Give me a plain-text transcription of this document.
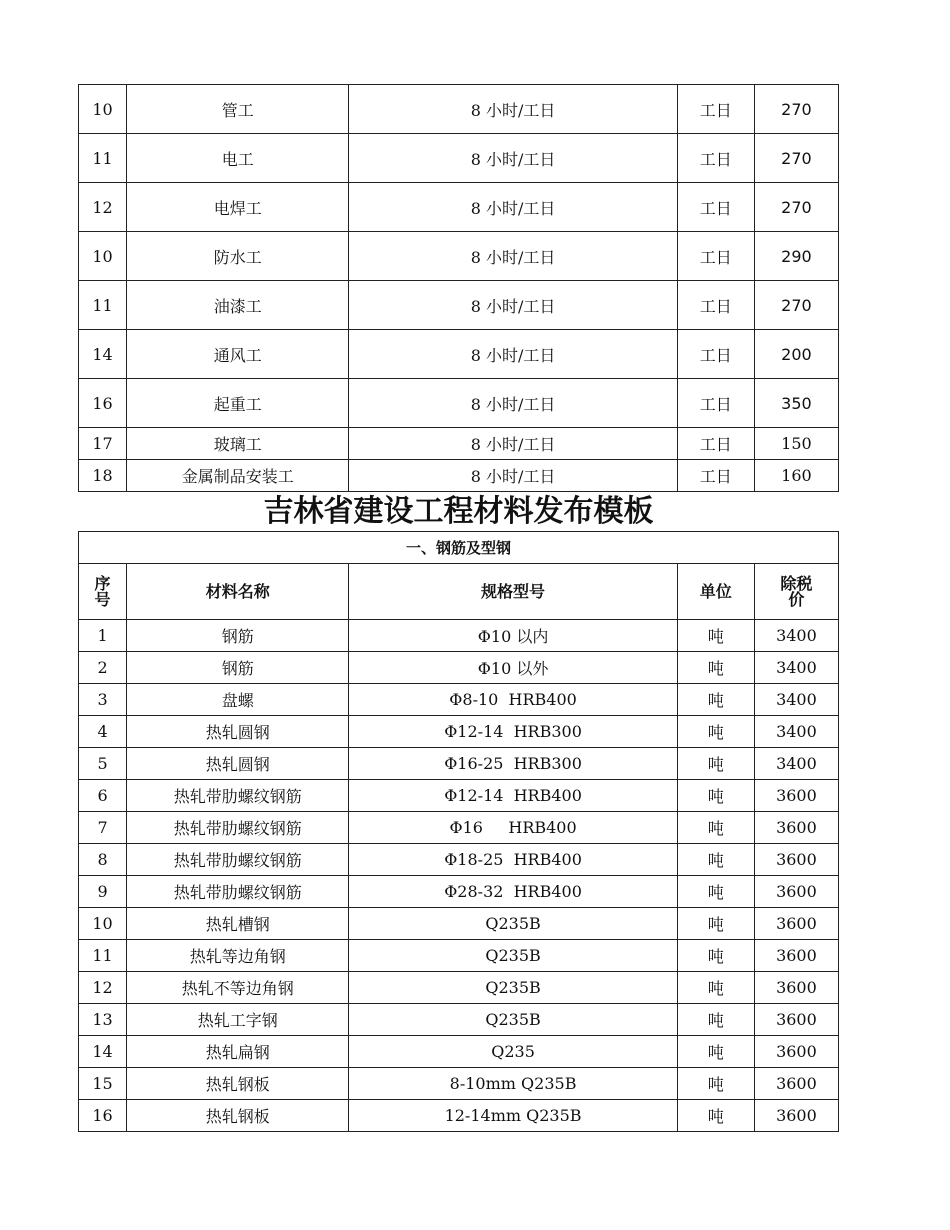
10	管工	8 小时/工日	工日	270
11	电工	8 小时/工日	工日	270
12	电焊工	8 小时/工日	工日	270
10	防水工	8 小时/工日	工日	290
11	油漆工	8 小时/工日	工日	270
14	通风工	8 小时/工日	工日	200
16	起重工	8 小时/工日	工日	350
17	玻璃工	8 小时/工日	工日	150
18	金属制品安装工	8 小时/工日	工日	160
吉林省建设工程材料发布模板
一、钢筋及型钢				
序号	材料名称	规格型号	单位	除税价
1	钢筋	Φ10 以内	吨	3400
2	钢筋	Φ10 以外	吨	3400
3	盘螺	Φ8-10  HRB400	吨	3400
4	热轧圆钢	Φ12-14  HRB300	吨	3400
5	热轧圆钢	Φ16-25  HRB300	吨	3400
6	热轧带肋螺纹钢筋	Φ12-14  HRB400	吨	3600
7	热轧带肋螺纹钢筋	Φ16     HRB400	吨	3600
8	热轧带肋螺纹钢筋	Φ18-25  HRB400	吨	3600
9	热轧带肋螺纹钢筋	Φ28-32  HRB400	吨	3600
10	热轧槽钢	Q235B	吨	3600
11	热轧等边角钢	Q235B	吨	3600
12	热轧不等边角钢	Q235B	吨	3600
13	热轧工字钢	Q235B	吨	3600
14	热轧扁钢	Q235	吨	3600
15	热轧钢板	8-10mm Q235B	吨	3600
16	热轧钢板	12-14mm Q235B	吨	3600
